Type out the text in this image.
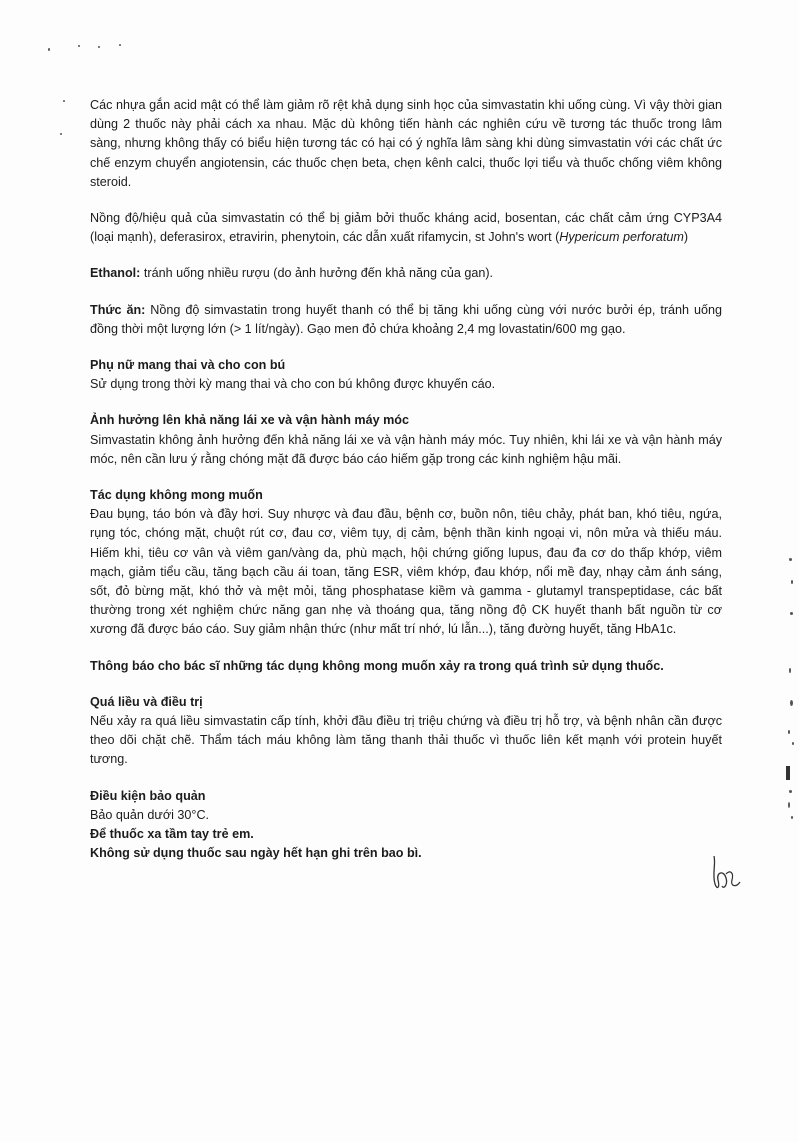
Các nhựa gắn acid mật có thể làm giảm rõ rệt khả dụng sinh học của simvastatin khi uống cùng. Vì vậy thời gian dùng 2 thuốc này phải cách xa nhau. Mặc dù không tiến hành các nghiên cứu về tương tác thuốc trong lâm sàng, nhưng không thấy có biểu hiện tương tác có hại có ý nghĩa lâm sàng khi dùng simvastatin với các chất ức chế enzym chuyển angiotensin, các thuốc chẹn beta, chẹn kênh calci, thuốc lợi tiểu và thuốc chống viêm không steroid.

Nồng độ/hiệu quả của simvastatin có thể bị giảm bởi thuốc kháng acid, bosentan, các chất cảm ứng CYP3A4 (loại mạnh), deferasirox, etravirin, phenytoin, các dẫn xuất rifamycin, st John's wort (Hypericum perforatum)

Ethanol: tránh uống nhiều rượu (do ảnh hưởng đến khả năng của gan).

Thức ăn: Nồng độ simvastatin trong huyết thanh có thể bị tăng khi uống cùng với nước bưởi ép, tránh uống đồng thời một lượng lớn (> 1 lít/ngày). Gạo men đỏ chứa khoảng 2,4 mg lovastatin/600 mg gạo.

Phụ nữ mang thai và cho con bú

Sử dụng trong thời kỳ mang thai và cho con bú không được khuyến cáo.

Ảnh hưởng lên khả năng lái xe và vận hành máy móc

Simvastatin không ảnh hưởng đến khả năng lái xe và vận hành máy móc. Tuy nhiên, khi lái xe và vận hành máy móc, nên cần lưu ý rằng chóng mặt đã được báo cáo hiếm gặp trong các kinh nghiệm hậu mãi.

Tác dụng không mong muốn

Đau bụng, táo bón và đầy hơi. Suy nhược và đau đầu, bệnh cơ, buồn nôn, tiêu chảy, phát ban, khó tiêu, ngứa, rụng tóc, chóng mặt, chuột rút cơ, đau cơ, viêm tụy, dị cảm, bệnh thần kinh ngoại vi, nôn mửa và thiếu máu. Hiếm khi, tiêu cơ vân và viêm gan/vàng da, phù mạch, hội chứng giống lupus, đau đa cơ do thấp khớp, viêm mạch, giảm tiểu cầu, tăng bạch cầu ái toan, tăng ESR, viêm khớp, đau khớp, nổi mề đay, nhạy cảm ánh sáng, sốt, đỏ bừng mặt, khó thở và mệt mỏi, tăng phosphatase kiềm và gamma - glutamyl transpeptidase, các bất thường trong xét nghiệm chức năng gan nhẹ và thoáng qua, tăng nồng độ CK huyết thanh bất nguồn từ cơ xương đã được báo cáo. Suy giảm nhận thức (như mất trí nhớ, lú lẫn...), tăng đường huyết, tăng HbA1c.

Thông báo cho bác sĩ những tác dụng không mong muốn xảy ra trong quá trình sử dụng thuốc.

Quá liều và điều trị

Nếu xảy ra quá liều simvastatin cấp tính, khởi đầu điều trị triệu chứng và điều trị hỗ trợ, và bệnh nhân cần được theo dõi chặt chẽ. Thẩm tách máu không làm tăng thanh thải thuốc vì thuốc liên kết mạnh với protein huyết tương.

Điều kiện bảo quản

Bảo quản dưới 30°C.

Để thuốc xa tầm tay trẻ em.

Không sử dụng thuốc sau ngày hết hạn ghi trên bao bì.
